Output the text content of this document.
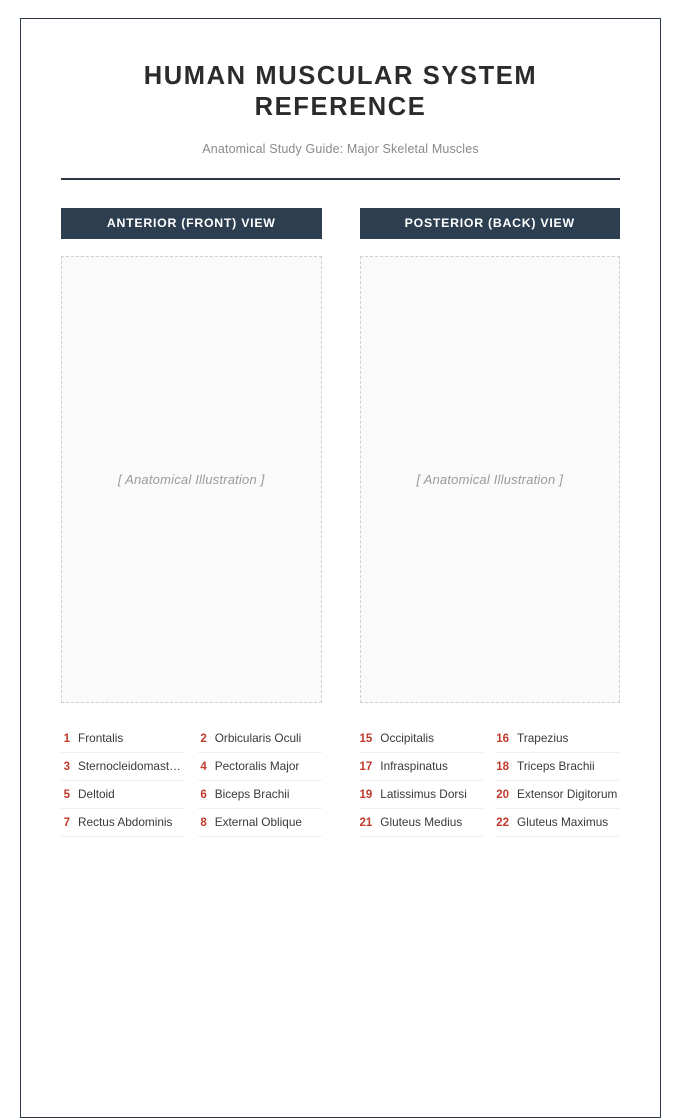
HUMAN MUSCULAR SYSTEM REFERENCE

Anatomical Study Guide: Major Skeletal Muscles

ANTERIOR (FRONT) VIEW
[ Anatomical Illustration ]
1 Frontalis	2 Orbicularis Oculi
3 Sternocleidomastoid	4 Pectoralis Major
5 Deltoid	6 Biceps Brachii
7 Rectus Abdominis 8 External Oblique
POSTERIOR (BACK) VIEW
[ Anatomical Illustration ]
15 Occipitalis	16 Trapezius
17 Infraspinatus	18 Triceps Brachii
19 Latissimus Dorsi	20 Extensor Digitorum
21 Gluteus Medius	22 Gluteus Maximus
